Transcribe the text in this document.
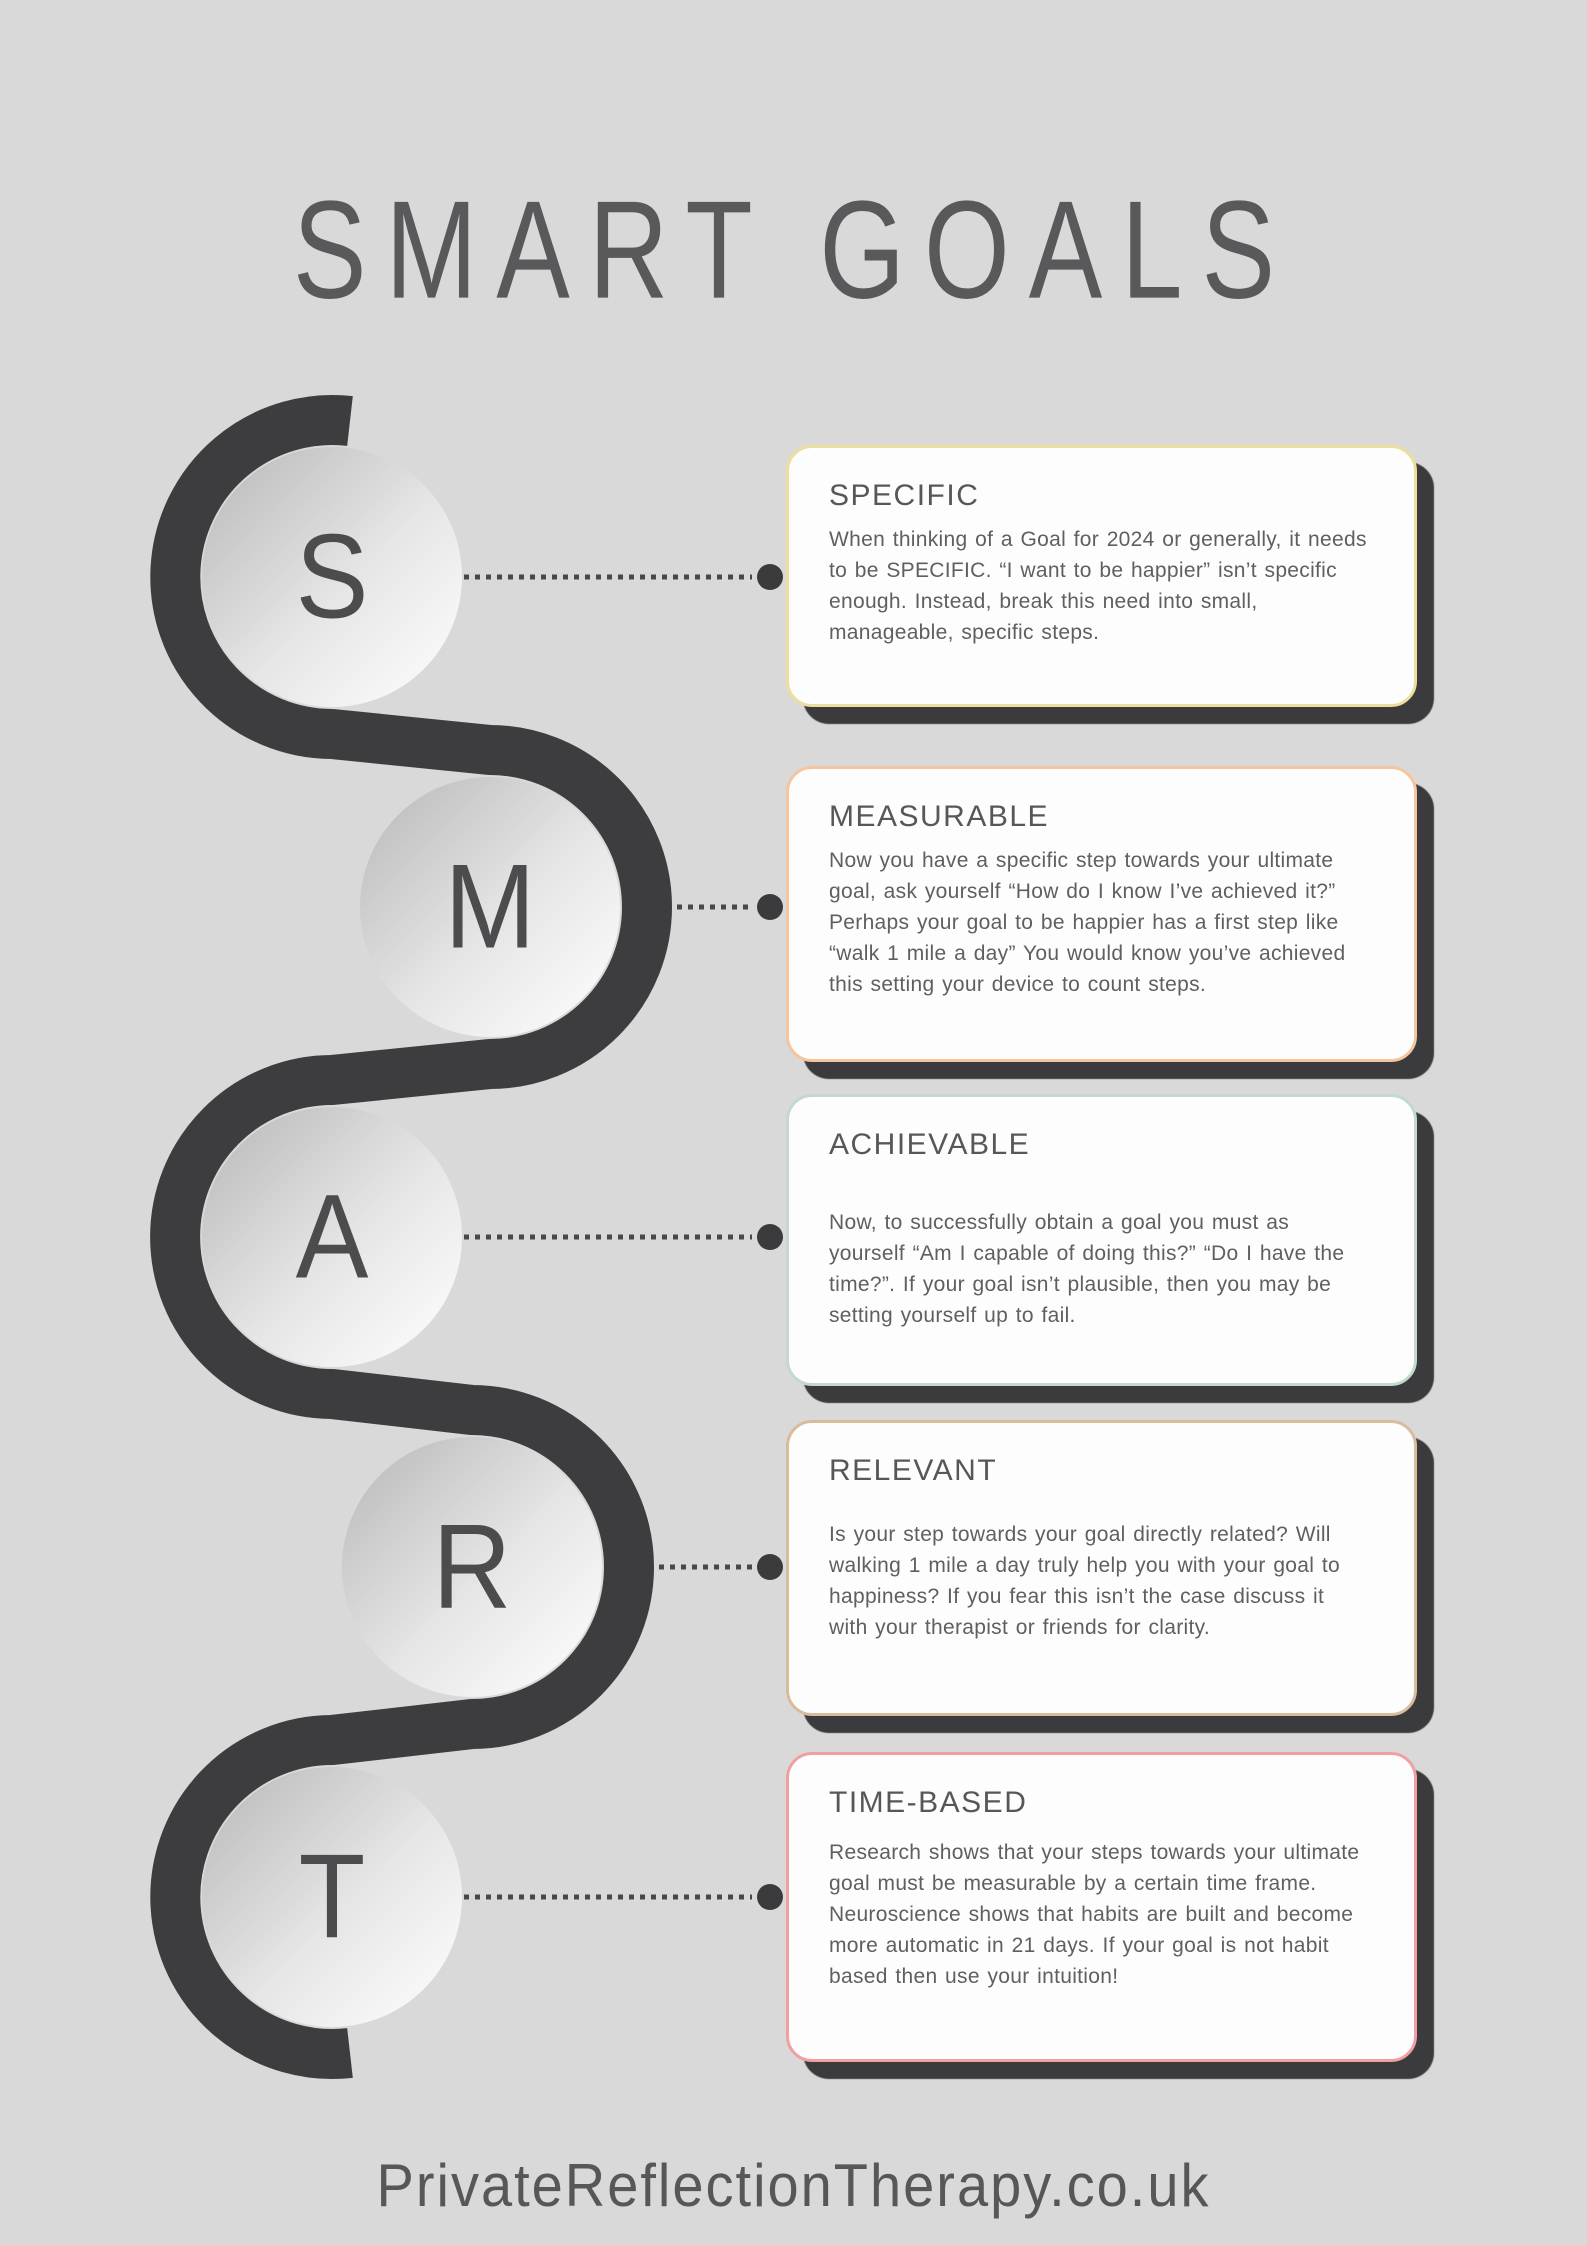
SMART GOALS
S
M
A
R
T
SPECIFIC
When thinking of a Goal for 2024 or generally, it needs to be SPECIFIC. “I want to be happier” isn’t specific enough. Instead, break this need into small, manageable, specific steps.
MEASURABLE
Now you have a specific step towards your ultimate goal, ask yourself “How do I know I’ve achieved it?” Perhaps your goal to be happier has a first step like “walk 1 mile a day” You would know you’ve achieved this setting your device to count steps.
ACHIEVABLE
Now, to successfully obtain a goal you must as yourself “Am I capable of doing this?” “Do I have the time?”. If your goal isn’t plausible, then you may be setting yourself up to fail.
RELEVANT
Is your step towards your goal directly related? Will walking 1 mile a day truly help you with your goal to happiness? If you fear this isn’t the case discuss it with your therapist or friends for clarity.
TIME-BASED
Research shows that your steps towards your ultimate goal must be measurable by a certain time frame. Neuroscience shows that habits are built and become more automatic in 21 days. If your goal is not habit based then use your intuition!
PrivateReflectionTherapy.co.uk
